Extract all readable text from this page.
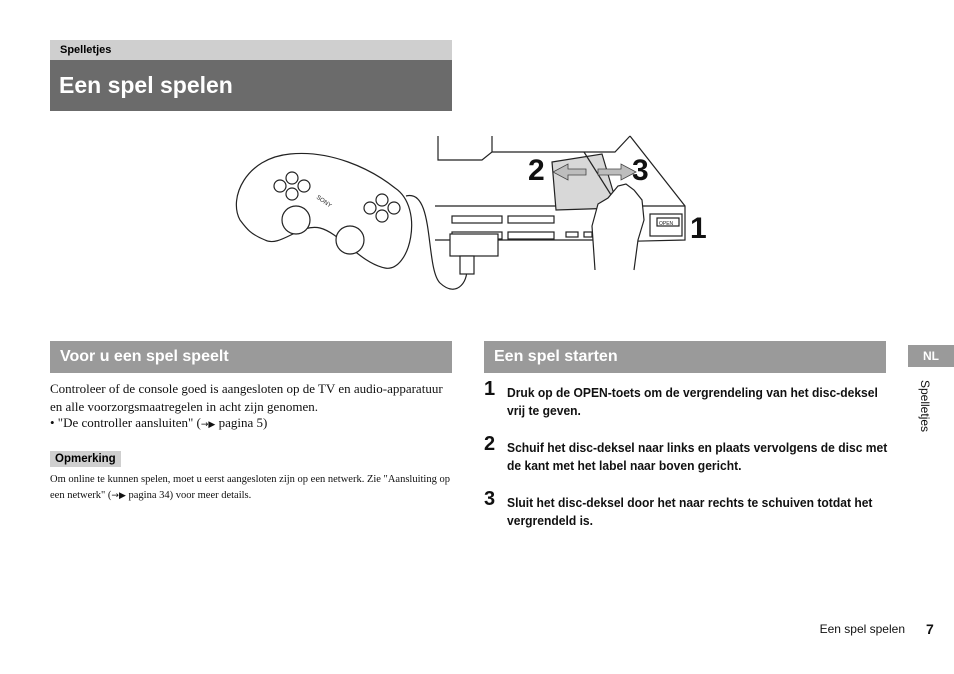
Spelletjes
Een spel spelen
SONY
OPEN
2	3
1
Voor u een spel speelt
Controleer of de console goed is aangesloten op de TV en audio-apparatuur en alle voorzorgsmaatregelen in acht zijn genomen.
• "De controller aansluiten" (→▶ pagina 5)
Opmerking
Om online te kunnen spelen, moet u eerst aangesloten zijn op een netwerk. Zie "Aansluiting op een netwerk" (→▶ pagina 34) voor meer details.
Een spel starten
1 Druk op de OPEN-toets om de vergrendeling van het disc-deksel vrij te geven.
2 Schuif het disc-deksel naar links en plaats vervolgens de disc met de kant met het label naar boven gericht.
3 Sluit het disc-deksel door het naar rechts te schuiven totdat het vergrendeld is.
NL
Spelletjes
Een spel spelen 7
